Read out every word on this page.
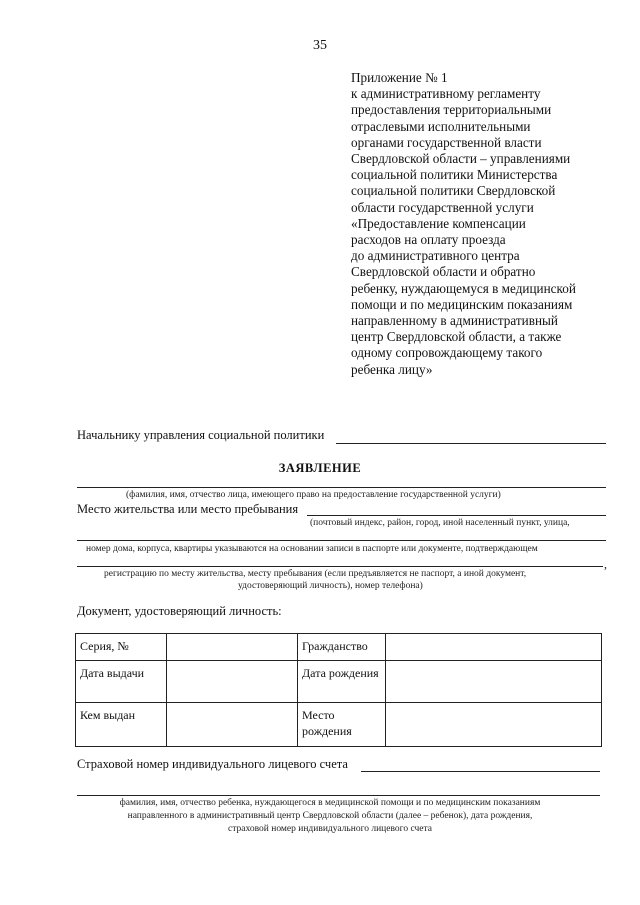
35
Приложение № 1
к административному регламенту
предоставления территориальными
отраслевыми исполнительными
органами государственной власти
Свердловской области – управлениями
социальной политики Министерства
социальной политики Свердловской
области государственной услуги
«Предоставление компенсации
расходов на оплату проезда
до административного центра
Свердловской области и обратно
ребенку, нуждающемуся в медицинской
помощи и по медицинским показаниям
направленному в административный
центр Свердловской области, а также
одному сопровождающему такого
ребенка лицу»
Начальнику управления социальной политики
ЗАЯВЛЕНИЕ
(фамилия, имя, отчество лица, имеющего право на предоставление государственной услуги)
Место жительства или место пребывания
(почтовый индекс, район, город, иной населенный пункт, улица,
номер дома, корпуса, квартиры указываются на основании записи в паспорте или документе, подтверждающем
,
регистрацию по месту жительства, месту пребывания (если предъявляется не паспорт, а иной документ,
удостоверяющий личность), номер телефона)
Документ, удостоверяющий личность:
Серия, №		Гражданство	
Дата выдачи		Дата рождения	
Кем выдан		Место рождения	
Страховой номер индивидуального лицевого счета
фамилия, имя, отчество ребенка, нуждающегося в медицинской помощи и по медицинским показаниям
направленного в административный центр Свердловской области (далее – ребенок), дата рождения,
страховой номер индивидуального лицевого счета
